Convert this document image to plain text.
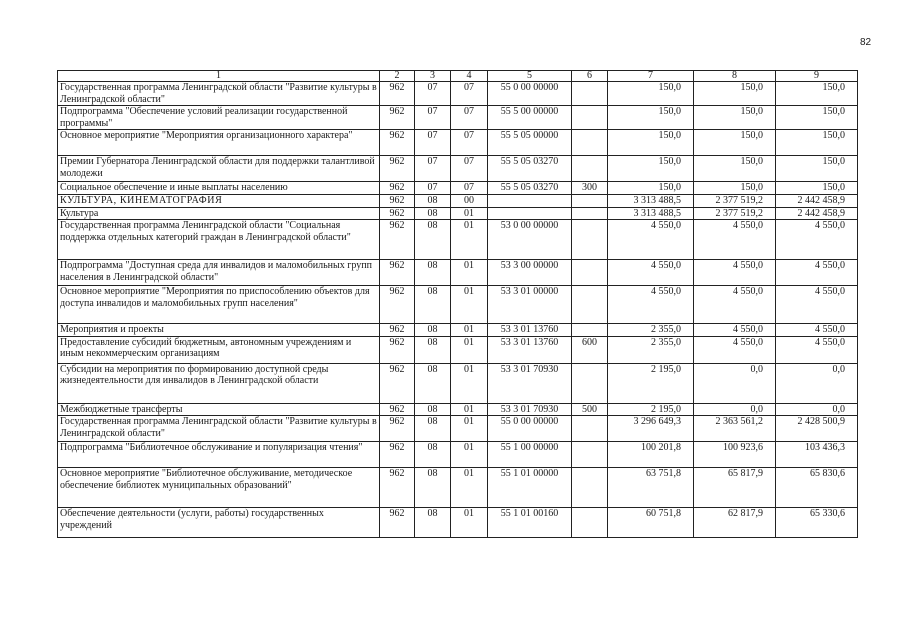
82
1	2	3	4	5	6	7	8	9
Государственная программа Ленинградской области "Развитие культуры в Ленинградской области"	962	07	07	55 0 00 00000		150,0	150,0	150,0
Подпрограмма "Обеспечение условий реализации государственной программы"	962	07	07	55 5 00 00000		150,0	150,0	150,0
Основное мероприятие "Мероприятия организационного характера"	962	07	07	55 5 05 00000		150,0	150,0	150,0
Премии Губернатора Ленинградской области для поддержки талантливой молодежи	962	07	07	55 5 05 03270		150,0	150,0	150,0
Социальное обеспечение и иные выплаты населению	962	07	07	55 5 05 03270	300	150,0	150,0	150,0
КУЛЬТУРА, КИНЕМАТОГРАФИЯ	962	08	00			3 313 488,5	2 377 519,2	2 442 458,9
Культура	962	08	01			3 313 488,5	2 377 519,2	2 442 458,9
Государственная программа Ленинградской области "Социальная поддержка отдельных категорий граждан в Ленинградской области"	962	08	01	53 0 00 00000		4 550,0	4 550,0	4 550,0
Подпрограмма "Доступная среда для инвалидов и маломобильных групп населения в Ленинградской области"	962	08	01	53 3 00 00000		4 550,0	4 550,0	4 550,0
Основное мероприятие "Мероприятия по приспособлению объектов для доступа инвалидов и маломобильных групп населения"	962	08	01	53 3 01 00000		4 550,0	4 550,0	4 550,0
Мероприятия и проекты	962	08	01	53 3 01 13760		2 355,0	4 550,0	4 550,0
Предоставление субсидий бюджетным, автономным учреждениям и иным некоммерческим организациям	962	08	01	53 3 01 13760	600	2 355,0	4 550,0	4 550,0
Субсидии на мероприятия по формированию доступной среды жизнедеятельности для инвалидов в Ленинградской области	962	08	01	53 3 01 70930		2 195,0	0,0	0,0
Межбюджетные трансферты	962	08	01	53 3 01 70930	500	2 195,0	0,0	0,0
Государственная программа Ленинградской области "Развитие культуры в Ленинградской области"	962	08	01	55 0 00 00000		3 296 649,3	2 363 561,2	2 428 500,9
Подпрограмма "Библиотечное обслуживание и популяризация чтения"	962	08	01	55 1 00 00000		100 201,8	100 923,6	103 436,3
Основное мероприятие "Библиотечное обслуживание, методическое обеспечение библиотек муниципальных образований"	962	08	01	55 1 01 00000		63 751,8	65 817,9	65 830,6
Обеспечение деятельности (услуги, работы) государственных учреждений	962	08	01	55 1 01 00160		60 751,8	62 817,9	65 330,6
